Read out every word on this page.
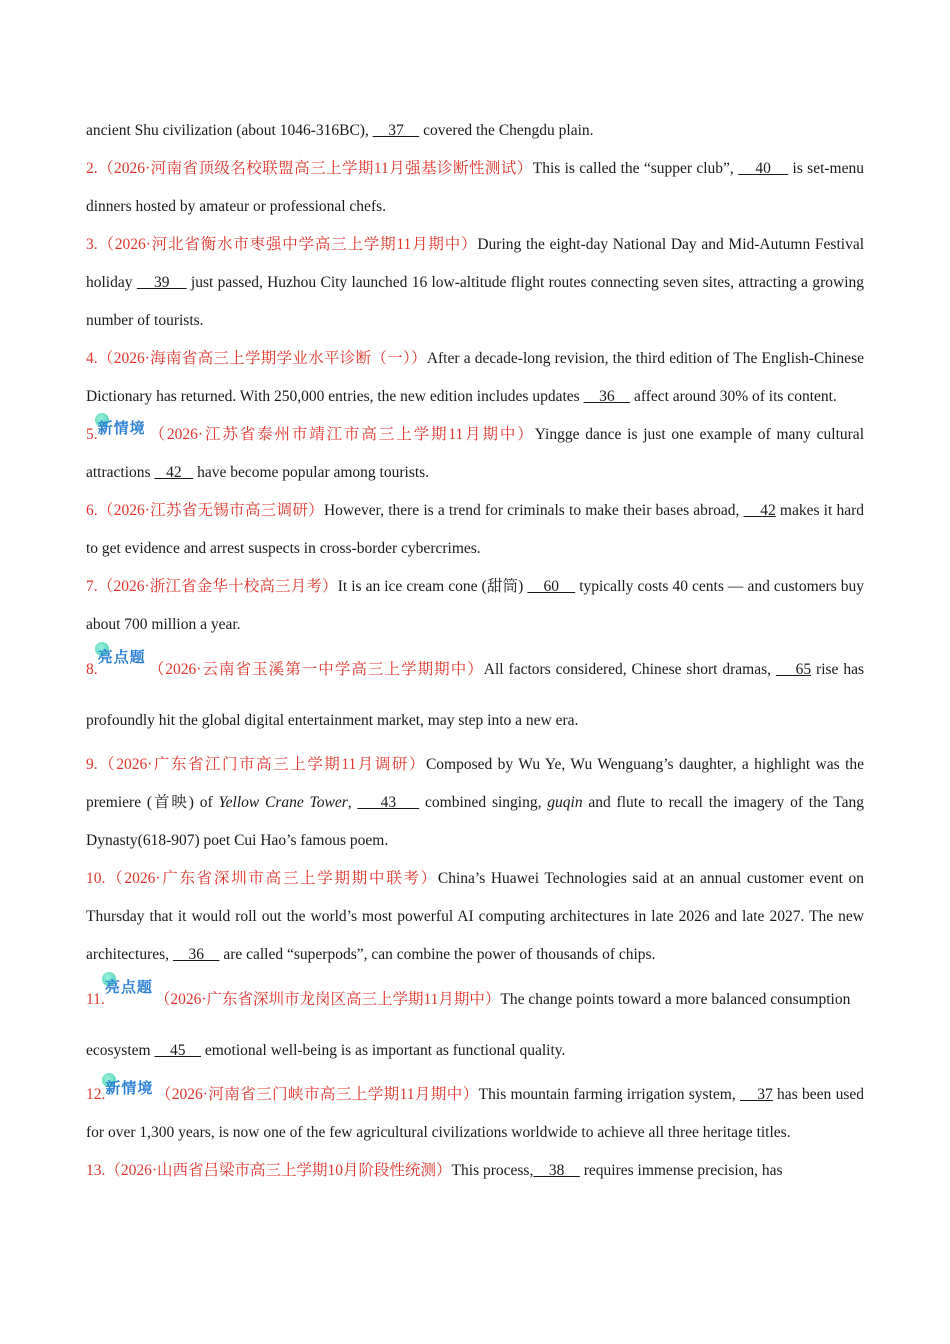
ancient Shu civilization (about 1046-316BC),     37     covered the Chengdu plain.

2.（2026·河南省顶级名校联盟高三上学期11月强基诊断性测试）This is called the “supper club”,     40     is set-menu dinners hosted by amateur or professional chefs.

3.（2026·河北省衡水市枣强中学高三上学期11月期中）During the eight-day National Day and Mid-Autumn Festival holiday     39     just passed, Huzhou City launched 16 low-altitude flight routes connecting seven sites, attracting a growing number of tourists.

4.（2026·海南省高三上学期学业水平诊断（一））After a decade-long revision, the third edition of The English-Chinese Dictionary has returned. With 250,000 entries, the new edition includes updates     36     affect around 30% of its content.

5.
新情境 （2026·江苏省泰州市靖江市高三上学期11月期中）Yingge dance is just one example of many cultural attractions    42    have become popular among tourists.

6.（2026·江苏省无锡市高三调研）However, there is a trend for criminals to make their bases abroad,     42 makes it hard to get evidence and arrest suspects in cross-border cybercrimes.

7.（2026·浙江省金华十校高三月考）It is an ice cream cone (甜筒)     60     typically costs 40 cents — and customers buy about 700 million a year.

8.
亮点题（2026·云南省玉溪第一中学高三上学期期中）All factors considered, Chinese short dramas,     65 rise has profoundly hit the global digital entertainment market, may step into a new era.

9.（2026·广东省江门市高三上学期11月调研）Composed by Wu Ye, Wu Wenguang’s daughter, a highlight was the premiere (首映) of Yellow Crane Tower,     43     combined singing, guqin and flute to recall the imagery of the Tang Dynasty(618-907) poet Cui Hao’s famous poem.

10.（2026·广东省深圳市高三上学期期中联考）China’s Huawei Technologies said at an annual customer event on Thursday that it would roll out the world’s most powerful AI computing architectures in late 2026 and late 2027. The new architectures,     36     are called “superpods”, can combine the power of thousands of chips.

11.
亮点题（2026·广东省深圳市龙岗区高三上学期11月期中）The change points toward a more balanced consumption ecosystem     45     emotional well-being is as important as functional quality.

12.
新情境 （2026·河南省三门峡市高三上学期11月期中）This mountain farming irrigation system,     37 has been used for over 1,300 years, is now one of the few agricultural civilizations worldwide to achieve all three heritage titles.

13.（2026·山西省吕梁市高三上学期10月阶段性统测）This process,    38     requires immense precision, has
